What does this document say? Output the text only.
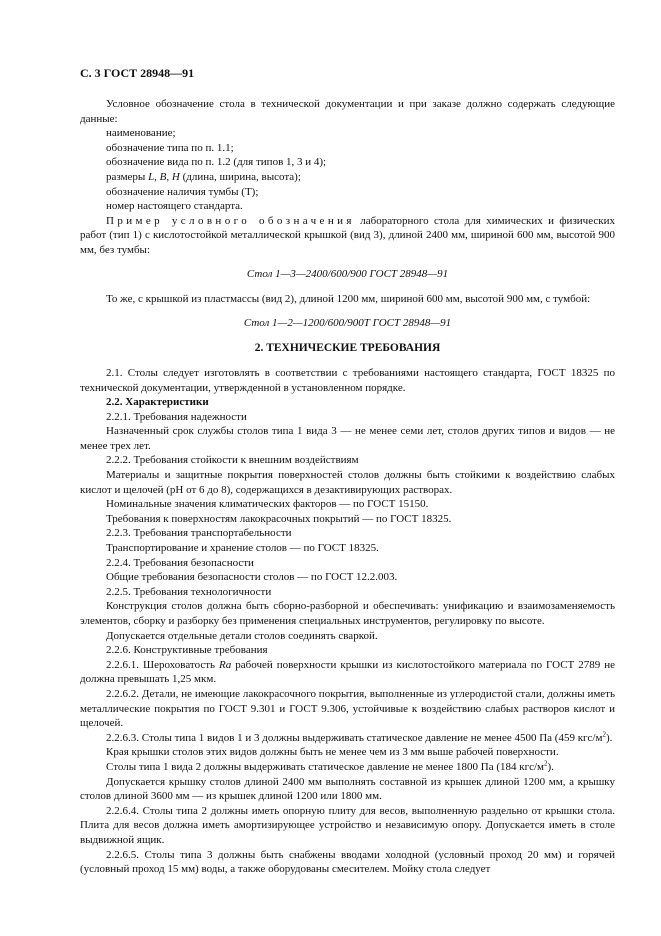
С. 3 ГОСТ 28948—91

Условное обозначение стола в технической документации и при заказе должно содержать следующие данные:

наименование;

обозначение типа по п. 1.1;

обозначение вида по п. 1.2 (для типов 1, 3 и 4);

размеры L, B, H (длина, ширина, высота);

обозначение наличия тумбы (Т);

номер настоящего стандарта.

Пример условного обозначения лабораторного стола для химических и физических работ (тип 1) с кислотостойкой металлической крышкой (вид 3), длиной 2400 мм, шириной 600 мм, высотой 900 мм, без тумбы:

Стол 1—3—2400/600/900 ГОСТ 28948—91

То же, с крышкой из пластмассы (вид 2), длиной 1200 мм, шириной 600 мм, высотой 900 мм, с тумбой:

Стол 1—2—1200/600/900Т ГОСТ 28948—91

2. ТЕХНИЧЕСКИЕ ТРЕБОВАНИЯ

2.1. Столы следует изготовлять в соответствии с требованиями настоящего стандарта, ГОСТ 18325 по технической документации, утвержденной в установленном порядке.

2.2. Характеристики

2.2.1. Требования надежности

Назначенный срок службы столов типа 1 вида 3 — не менее семи лет, столов других типов и видов — не менее трех лет.

2.2.2. Требования стойкости к внешним воздействиям

Материалы и защитные покрытия поверхностей столов должны быть стойкими к воздействию слабых кислот и щелочей (pH от 6 до 8), содержащихся в дезактивирующих растворах.

Номинальные значения климатических факторов — по ГОСТ 15150.

Требования к поверхностям лакокрасочных покрытий — по ГОСТ 18325.

2.2.3. Требования транспортабельности

Транспортирование и хранение столов — по ГОСТ 18325.

2.2.4. Требования безопасности

Общие требования безопасности столов — по ГОСТ 12.2.003.

2.2.5. Требования технологичности

Конструкция столов должна быть сборно-разборной и обеспечивать: унификацию и взаимозаменяемость элементов, сборку и разборку без применения специальных инструментов, регулировку по высоте.

Допускается отдельные детали столов соединять сваркой.

2.2.6. Конструктивные требования

2.2.6.1. Шероховатость Ra рабочей поверхности крышки из кислотостойкого материала по ГОСТ 2789 не должна превышать 1,25 мкм.

2.2.6.2. Детали, не имеющие лакокрасочного покрытия, выполненные из углеродистой стали, должны иметь металлические покрытия по ГОСТ 9.301 и ГОСТ 9.306, устойчивые к воздействию слабых растворов кислот и щелочей.

2.2.6.3. Столы типа 1 видов 1 и 3 должны выдерживать статическое давление не менее 4500 Па (459 кгс/$м^2$).

Края крышки столов этих видов должны быть не менее чем из 3 мм выше рабочей поверхности.

Столы типа 1 вида 2 должны выдерживать статическое давление не менее 1800 Па (184 кгс/$м^2$).

Допускается крышку столов длиной 2400 мм выполнять составной из крышек длиной 1200 мм, а крышку столов длиной 3600 мм — из крышек длиной 1200 или 1800 мм.

2.2.6.4. Столы типа 2 должны иметь опорную плиту для весов, выполненную раздельно от крышки стола. Плита для весов должна иметь амортизирующее устройство и независимую опору. Допускается иметь в столе выдвижной ящик.

2.2.6.5. Столы типа 3 должны быть снабжены вводами холодной (условный проход 20 мм) и горячей (условный проход 15 мм) воды, а также оборудованы смесителем. Мойку стола следует
